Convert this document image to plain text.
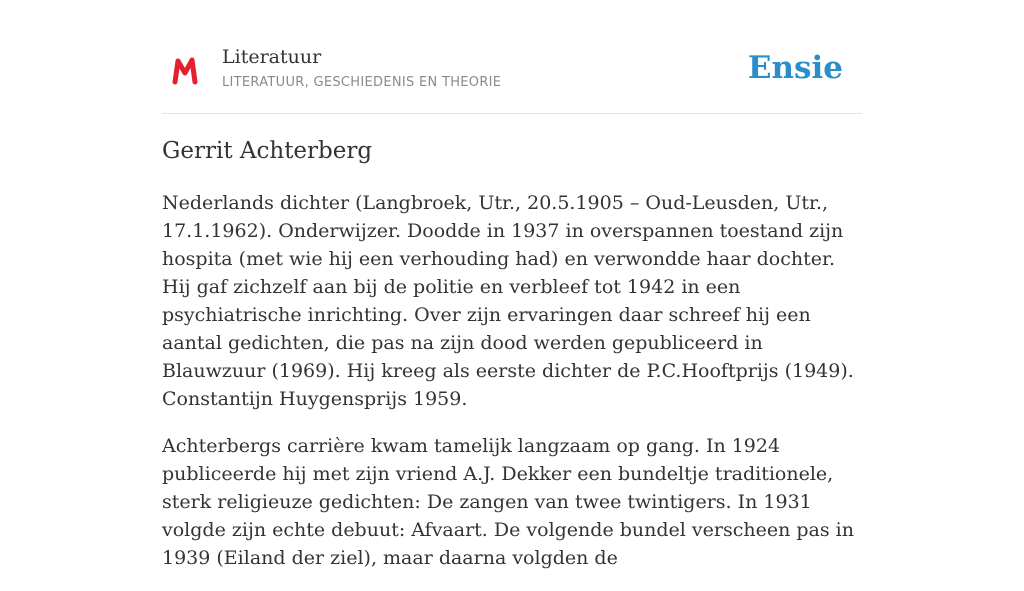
Literatuur
LITERATUUR, GESCHIEDENIS EN THEORIE	Ensie
Gerrit Achterberg

Nederlands dichter (Langbroek, Utr., 20.5.1905 – Oud-Leusden, Utr., 17.1.1962). Onderwijzer. Doodde in 1937 in overspannen toestand zijn hospita (met wie hij een verhouding had) en verwondde haar dochter. Hij gaf zichzelf aan bij de politie en verbleef tot 1942 in een psychiatrische inrichting. Over zijn ervaringen daar schreef hij een aantal gedichten, die pas na zijn dood werden gepubliceerd in Blauwzuur (1969). Hij kreeg als eerste dichter de P.C.Hooftprijs (1949). Constantijn Huygensprijs 1959.

Achterbergs carrière kwam tamelijk langzaam op gang. In 1924 publiceerde hij met zijn vriend A.J. Dekker een bundeltje traditionele, sterk religieuze gedichten: De zangen van twee twintigers. In 1931 volgde zijn echte debuut: Afvaart. De volgende bundel verscheen pas in 1939 (Eiland der ziel), maar daarna volgden de
